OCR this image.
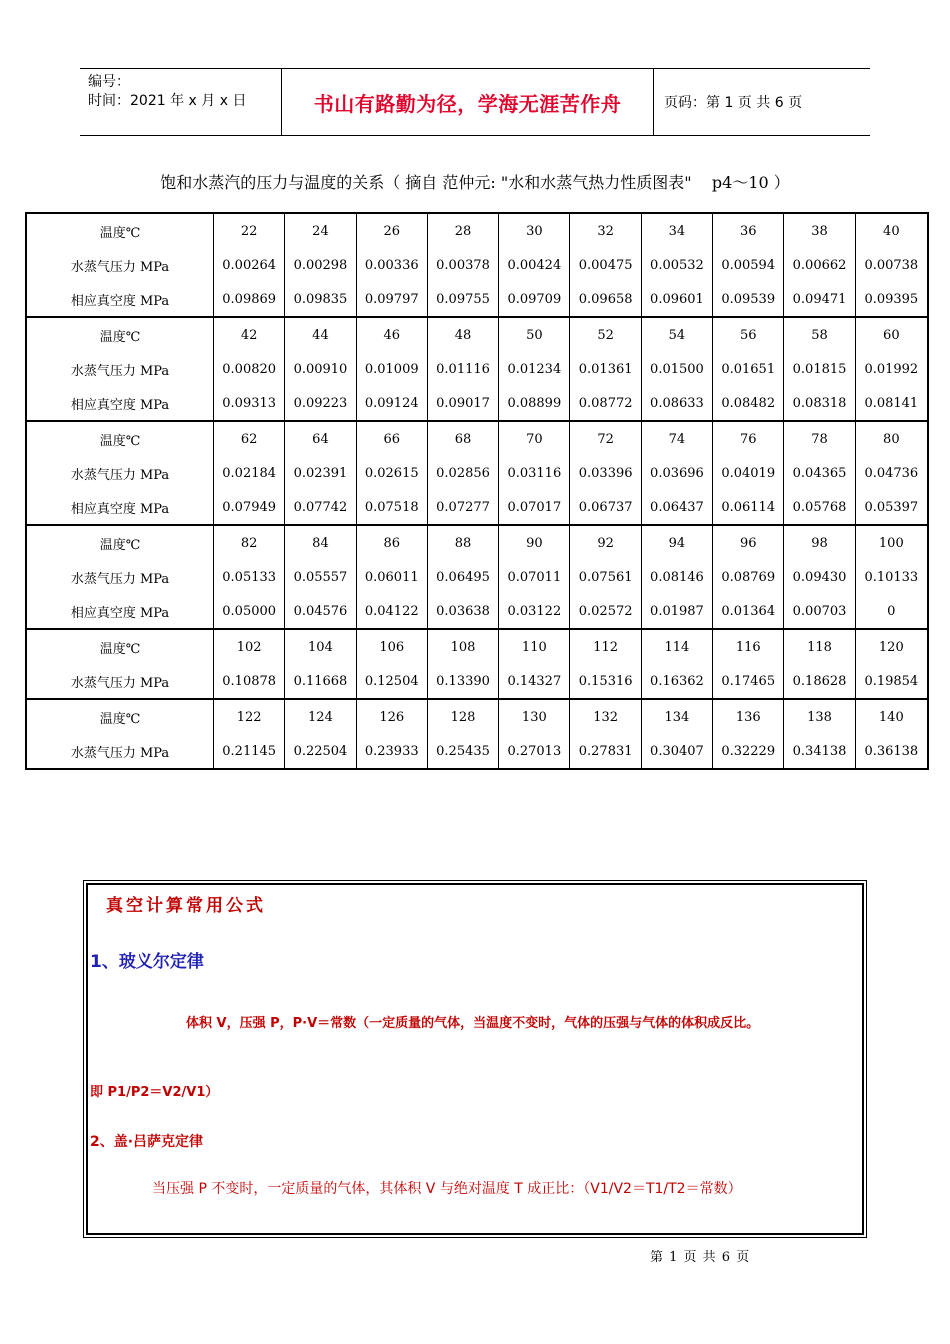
编号：
时间：2021 年 x 月 x 日	书山有路勤为径，学海无涯苦作舟	页码：第 1 页 共 6 页
饱和水蒸汽的压力与温度的关系（ 摘自 范仲元: "水和水蒸气热力性质图表"    p4～10 ）
温度℃	22	24	26	28	30	32	34	36	38	40
水蒸气压力 MPa	0.00264	0.00298	0.00336	0.00378	0.00424	0.00475	0.00532	0.00594	0.00662	0.00738
相应真空度 MPa	0.09869	0.09835	0.09797	0.09755	0.09709	0.09658	0.09601	0.09539	0.09471	0.09395
温度℃	42	44	46	48	50	52	54	56	58	60
水蒸气压力 MPa	0.00820	0.00910	0.01009	0.01116	0.01234	0.01361	0.01500	0.01651	0.01815	0.01992
相应真空度 MPa	0.09313	0.09223	0.09124	0.09017	0.08899	0.08772	0.08633	0.08482	0.08318	0.08141
温度℃	62	64	66	68	70	72	74	76	78	80
水蒸气压力 MPa	0.02184	0.02391	0.02615	0.02856	0.03116	0.03396	0.03696	0.04019	0.04365	0.04736
相应真空度 MPa	0.07949	0.07742	0.07518	0.07277	0.07017	0.06737	0.06437	0.06114	0.05768	0.05397
温度℃	82	84	86	88	90	92	94	96	98	100
水蒸气压力 MPa	0.05133	0.05557	0.06011	0.06495	0.07011	0.07561	0.08146	0.08769	0.09430	0.10133
相应真空度 MPa	0.05000	0.04576	0.04122	0.03638	0.03122	0.02572	0.01987	0.01364	0.00703	0
温度℃	102	104	106	108	110	112	114	116	118	120
水蒸气压力 MPa	0.10878	0.11668	0.12504	0.13390	0.14327	0.15316	0.16362	0.17465	0.18628	0.19854
温度℃	122	124	126	128	130	132	134	136	138	140
水蒸气压力 MPa	0.21145	0.22504	0.23933	0.25435	0.27013	0.27831	0.30407	0.32229	0.34138	0.36138
真空计算常用公式
1、玻义尔定律
体积 V，压强 P，P·V＝常数（一定质量的气体，当温度不变时，气体的压强与气体的体积成反比。
即 P1/P2＝V2/V1）
2、盖·吕萨克定律
当压强 P 不变时，一定质量的气体，其体积 V 与绝对温度 T 成正比：（V1/V2＝T1/T2＝常数）
第 1 页 共 6 页
